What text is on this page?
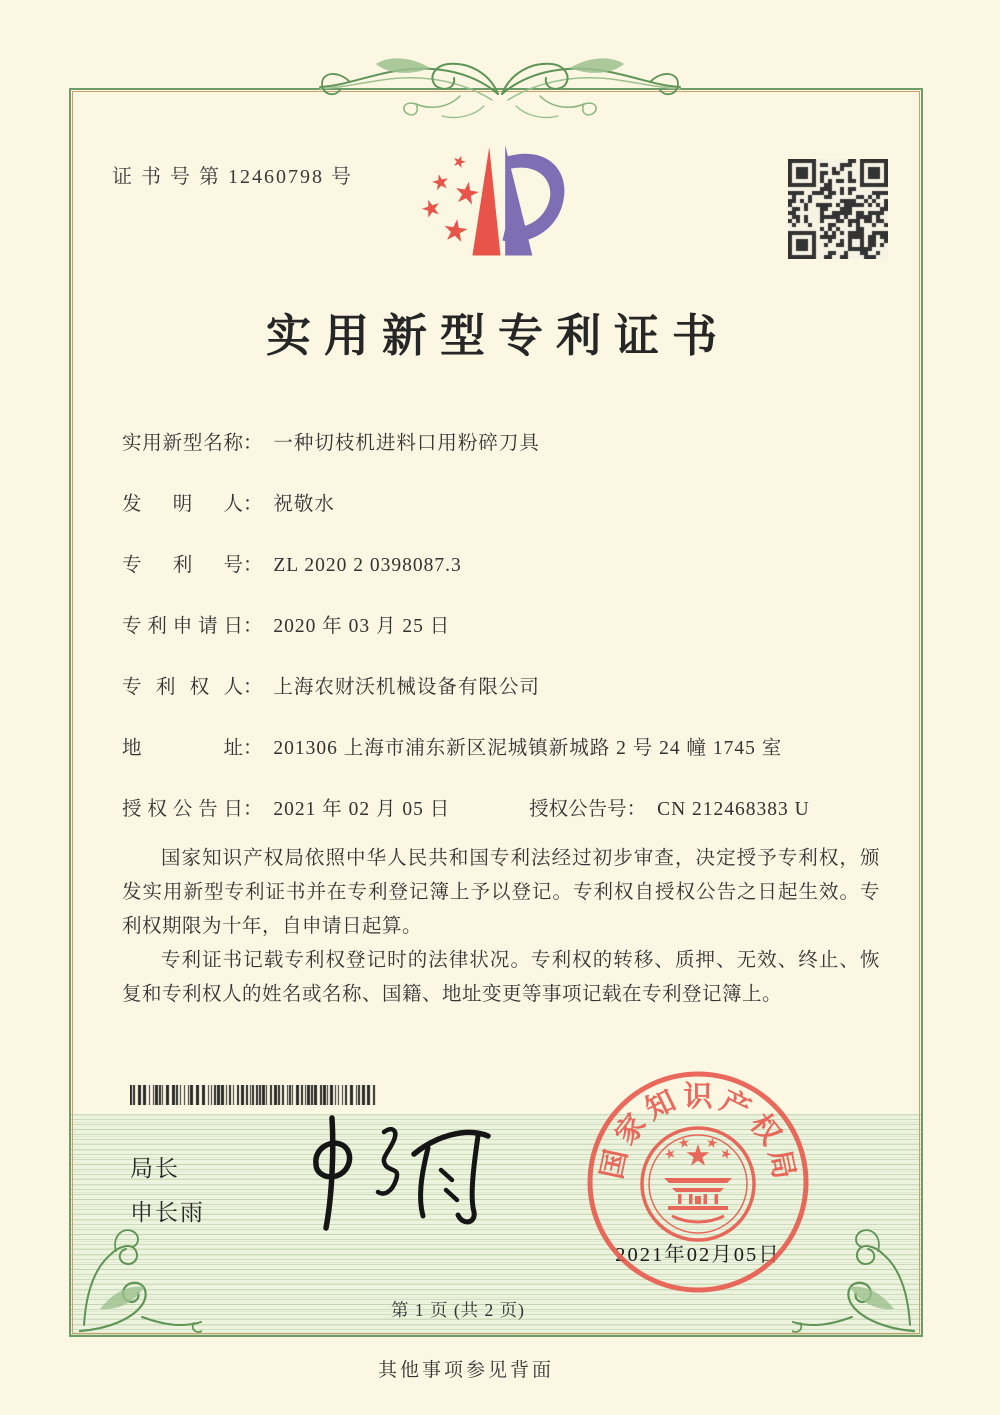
证 书 号 第 12460798 号
实用新型专利证书
实用新型名称： 一种切枝机进料口用粉碎刀具
发明人： 祝敬水
专利号： ZL 2020 2 0398087.3
专利申请日： 2020 年 03 月 25 日
专利权人： 上海农财沃机械设备有限公司
地址： 201306 上海市浦东新区泥城镇新城路 2 号 24 幢 1745 室
授权公告日： 2021 年 02 月 05 日	授权公告号： CN 212468383 U

国家知识产权局依照中华人民共和国专利法经过初步审查，决定授予专利权，颁发实用新型专利证书并在专利登记簿上予以登记。专利权自授权公告之日起生效。专利权期限为十年，自申请日起算。

专利证书记载专利权登记时的法律状况。专利权的转移、质押、无效、终止、恢复和专利权人的姓名或名称、国籍、地址变更等事项记载在专利登记簿上。

局长
申长雨
国
家
知 识 产
权
局
2021年02月05日
第 1 页 (共 2 页)
其他事项参见背面
